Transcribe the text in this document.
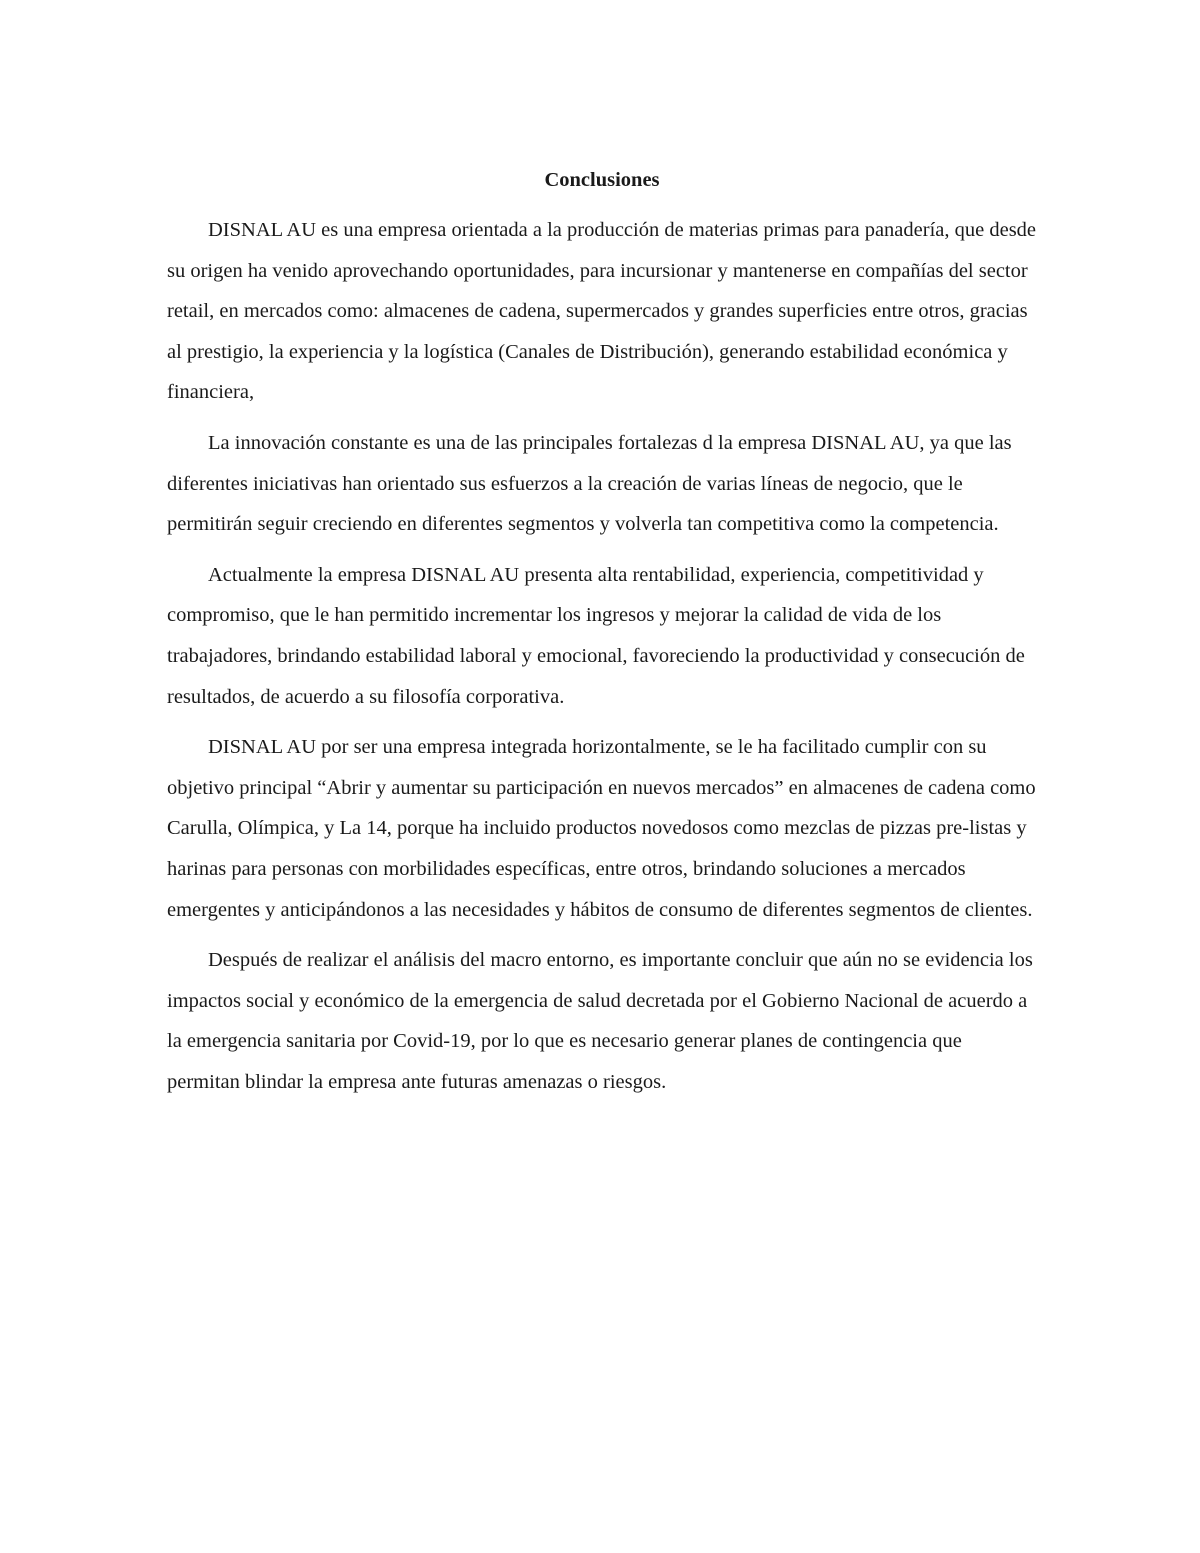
Conclusiones

DISNAL AU es una empresa orientada a la producción de materias primas para panadería, que desde su origen ha venido aprovechando oportunidades, para incursionar y mantenerse en compañías del sector retail, en mercados como: almacenes de cadena, supermercados y grandes superficies entre otros, gracias al prestigio, la experiencia y la logística (Canales de Distribución), generando estabilidad económica y financiera,

La innovación constante es una de las principales fortalezas d la empresa DISNAL AU, ya que las diferentes iniciativas han orientado sus esfuerzos a la creación de varias líneas de negocio, que le permitirán seguir creciendo en diferentes segmentos y volverla tan competitiva como la competencia.

Actualmente la empresa DISNAL AU presenta alta rentabilidad, experiencia, competitividad y compromiso, que le han permitido incrementar los ingresos y mejorar la calidad de vida de los trabajadores, brindando estabilidad laboral y emocional, favoreciendo la productividad y consecución de resultados, de acuerdo a su filosofía corporativa.

DISNAL AU por ser una empresa integrada horizontalmente, se le ha facilitado cumplir con su objetivo principal “Abrir y aumentar su participación en nuevos mercados” en almacenes de cadena como Carulla, Olímpica, y La 14, porque ha incluido productos novedosos como mezclas de pizzas pre-listas y harinas para personas con morbilidades específicas, entre otros, brindando soluciones a mercados emergentes y anticipándonos a las necesidades y hábitos de consumo de diferentes segmentos de clientes.

Después de realizar el análisis del macro entorno, es importante concluir que aún no se evidencia los impactos social y económico de la emergencia de salud decretada por el Gobierno Nacional de acuerdo a la emergencia sanitaria por Covid-19, por lo que es necesario generar planes de contingencia que permitan blindar la empresa ante futuras amenazas o riesgos.
